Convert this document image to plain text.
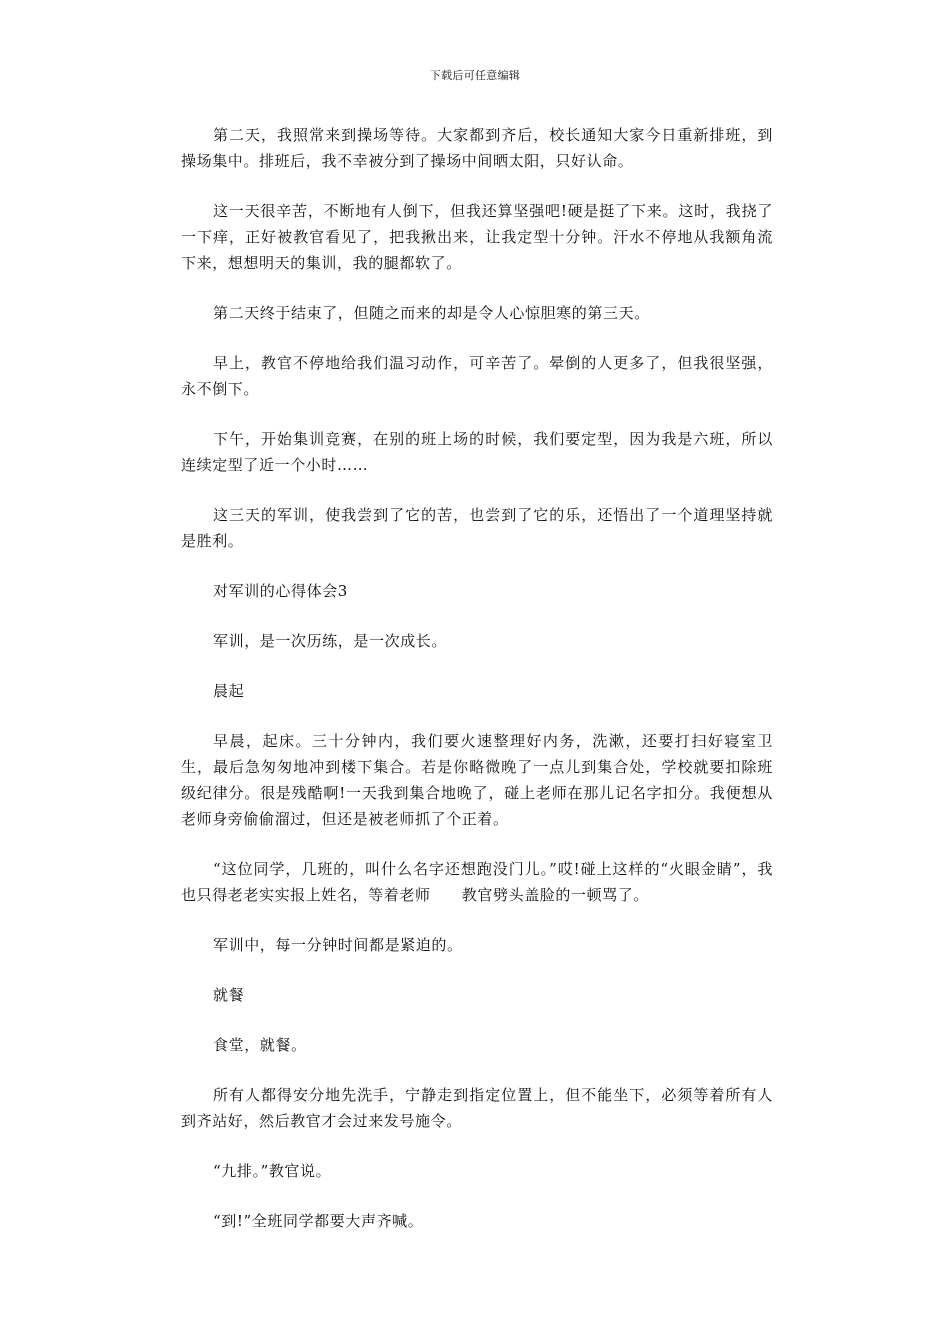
下载后可任意编辑

第二天，我照常来到操场等待。大家都到齐后，校长通知大家今日重新排班，到操场集中。排班后，我不幸被分到了操场中间晒太阳，只好认命。

这一天很辛苦，不断地有人倒下，但我还算坚强吧!硬是挺了下来。这时，我挠了一下痒，正好被教官看见了，把我揪出来，让我定型十分钟。汗水不停地从我额角流下来，想想明天的集训，我的腿都软了。

第二天终于结束了，但随之而来的却是令人心惊胆寒的第三天。

早上，教官不停地给我们温习动作，可辛苦了。晕倒的人更多了，但我很坚强，永不倒下。

下午，开始集训竞赛，在别的班上场的时候，我们要定型，因为我是六班，所以连续定型了近一个小时……

这三天的军训，使我尝到了它的苦，也尝到了它的乐，还悟出了一个道理坚持就是胜利。

对军训的心得体会3

军训，是一次历练，是一次成长。

晨起

早晨，起床。三十分钟内，我们要火速整理好内务，洗漱，还要打扫好寝室卫生，最后急匆匆地冲到楼下集合。若是你略微晚了一点儿到集合处，学校就要扣除班级纪律分。很是残酷啊!一天我到集合地晚了，碰上老师在那儿记名字扣分。我便想从老师身旁偷偷溜过，但还是被老师抓了个正着。

“这位同学，几班的，叫什么名字还想跑没门儿。”哎!碰上这样的“火眼金睛”，我也只得老老实实报上姓名，等着老师　　教官劈头盖脸的一顿骂了。

军训中，每一分钟时间都是紧迫的。

就餐

食堂，就餐。

所有人都得安分地先洗手，宁静走到指定位置上，但不能坐下，必须等着所有人到齐站好，然后教官才会过来发号施令。

“九排。”教官说。

“到!”全班同学都要大声齐喊。
